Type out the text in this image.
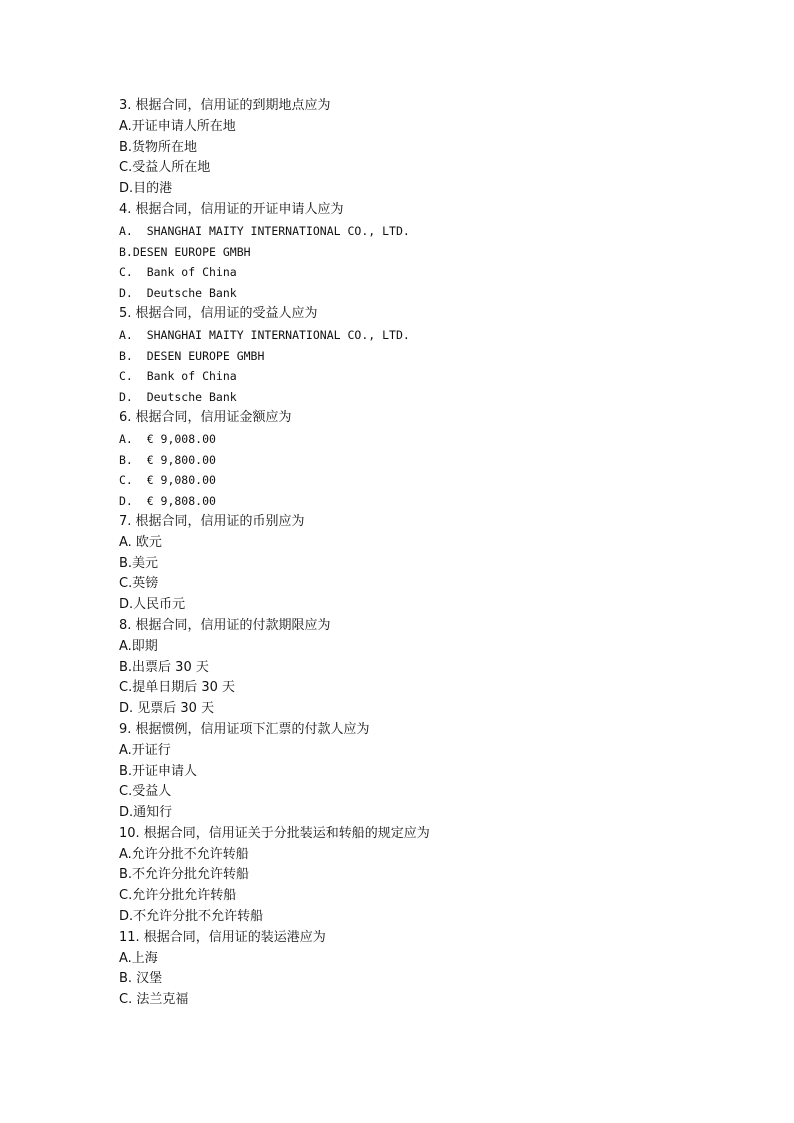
3. 根据合同，信用证的到期地点应为
A.开证申请人所在地
B.货物所在地
C.受益人所在地
D.目的港
4. 根据合同，信用证的开证申请人应为
A.  SHANGHAI MAITY INTERNATIONAL CO., LTD.
B.DESEN EUROPE GMBH
C.  Bank of China
D.  Deutsche Bank
5. 根据合同，信用证的受益人应为
A.  SHANGHAI MAITY INTERNATIONAL CO., LTD.
B.  DESEN EUROPE GMBH
C.  Bank of China
D.  Deutsche Bank
6. 根据合同，信用证金额应为
A.  € 9,008.00
B.  € 9,800.00
C.  € 9,080.00
D.  € 9,808.00
7. 根据合同，信用证的币别应为
A. 欧元
B.美元
C.英镑
D.人民币元
8. 根据合同，信用证的付款期限应为
A.即期
B.出票后 30 天
C.提单日期后 30 天
D. 见票后 30 天
9. 根据惯例，信用证项下汇票的付款人应为
A.开证行
B.开证申请人
C.受益人
D.通知行
10. 根据合同，信用证关于分批装运和转船的规定应为
A.允许分批不允许转船
B.不允许分批允许转船
C.允许分批允许转船
D.不允许分批不允许转船
11. 根据合同，信用证的装运港应为
A.上海
B. 汉堡
C. 法兰克福
